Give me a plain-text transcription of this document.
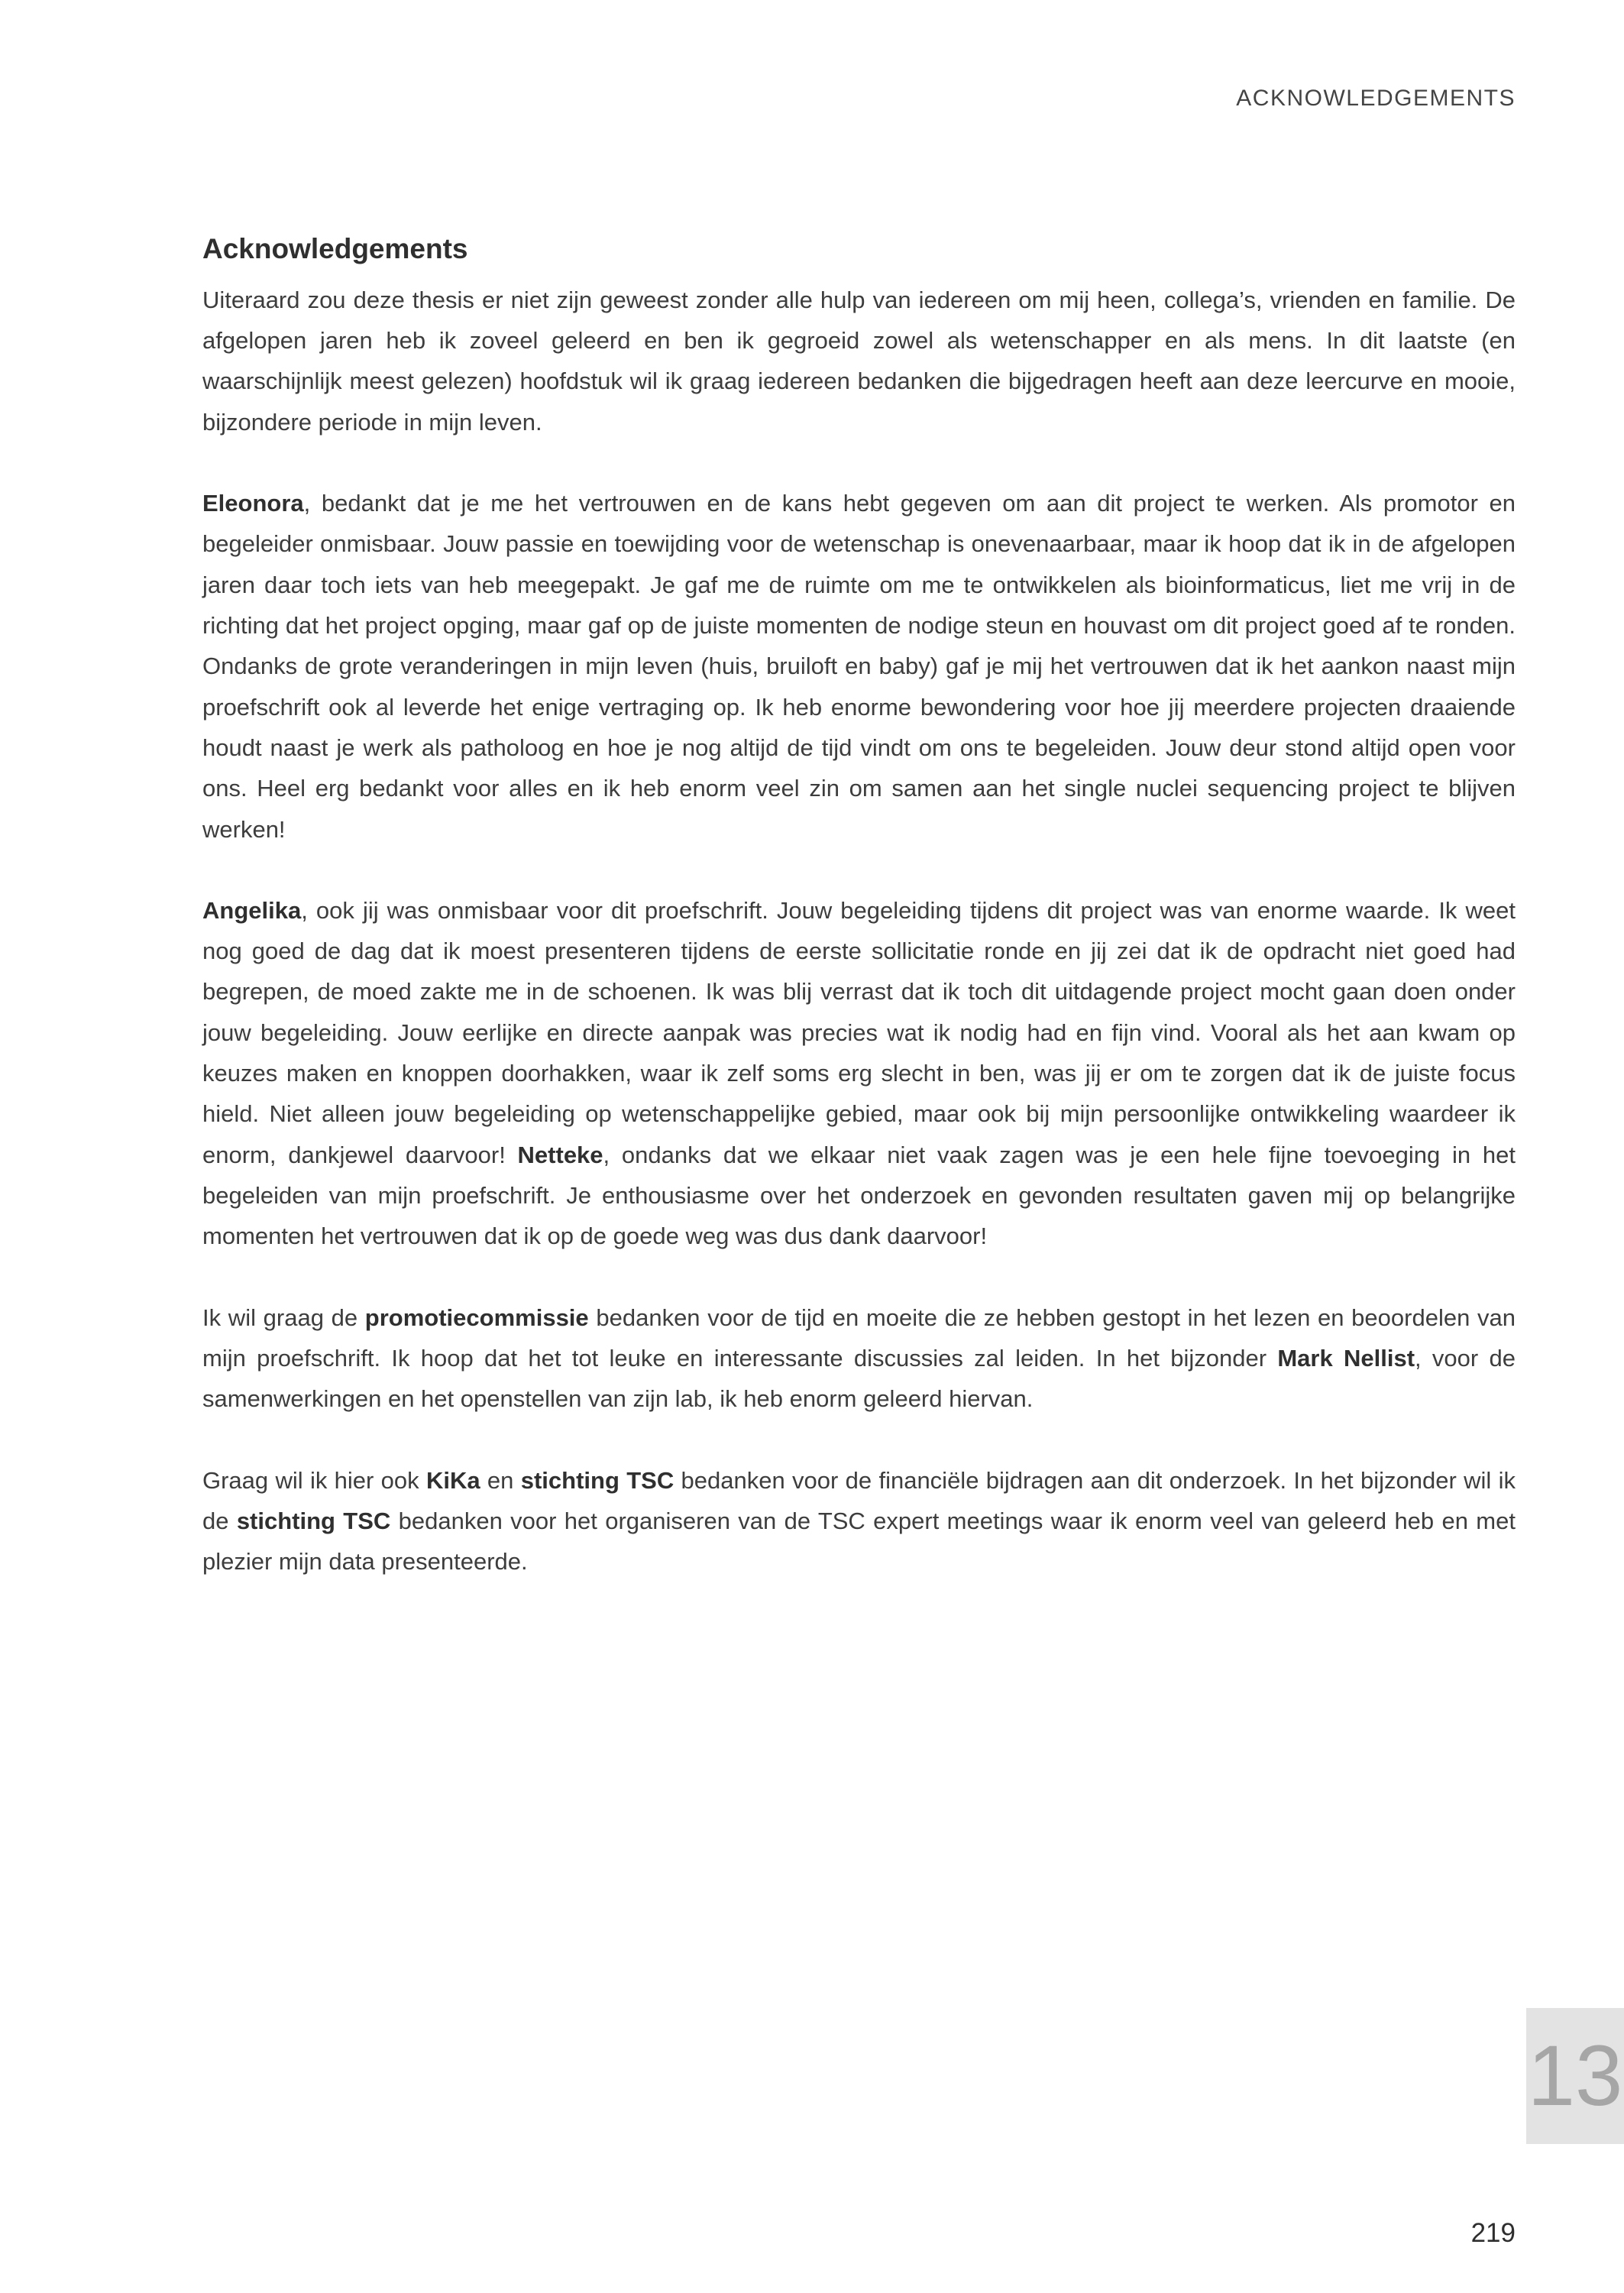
ACKNOWLEDGEMENTS
Acknowledgements

Uiteraard zou deze thesis er niet zijn geweest zonder alle hulp van iedereen om mij heen, collega’s, vrienden en familie. De afgelopen jaren heb ik zoveel geleerd en ben ik gegroeid zowel als wetenschapper en als mens. In dit laatste (en waarschijnlijk meest gelezen) hoofdstuk wil ik graag iedereen bedanken die bijgedragen heeft aan deze leercurve en mooie, bijzondere periode in mijn leven.

Eleonora, bedankt dat je me het vertrouwen en de kans hebt gegeven om aan dit project te werken. Als promotor en begeleider onmisbaar. Jouw passie en toewijding voor de wetenschap is onevenaarbaar, maar ik hoop dat ik in de afgelopen jaren daar toch iets van heb meegepakt. Je gaf me de ruimte om me te ontwikkelen als bioinformaticus, liet me vrij in de richting dat het project opging, maar gaf op de juiste momenten de nodige steun en houvast om dit project goed af te ronden. Ondanks de grote veranderingen in mijn leven (huis, bruiloft en baby) gaf je mij het vertrouwen dat ik het aankon naast mijn proefschrift ook al leverde het enige vertraging op. Ik heb enorme bewondering voor hoe jij meerdere projecten draaiende houdt naast je werk als patholoog en hoe je nog altijd de tijd vindt om ons te begeleiden. Jouw deur stond altijd open voor ons. Heel erg bedankt voor alles en ik heb enorm veel zin om samen aan het single nuclei sequencing project te blijven werken!

Angelika, ook jij was onmisbaar voor dit proefschrift. Jouw begeleiding tijdens dit project was van enorme waarde. Ik weet nog goed de dag dat ik moest presenteren tijdens de eerste sollicitatie ronde en jij zei dat ik de opdracht niet goed had begrepen, de moed zakte me in de schoenen. Ik was blij verrast dat ik toch dit uitdagende project mocht gaan doen onder jouw begeleiding. Jouw eerlijke en directe aanpak was precies wat ik nodig had en fijn vind. Vooral als het aan kwam op keuzes maken en knoppen doorhakken, waar ik zelf soms erg slecht in ben, was jij er om te zorgen dat ik de juiste focus hield. Niet alleen jouw begeleiding op wetenschappelijke gebied, maar ook bij mijn persoonlijke ontwikkeling waardeer ik enorm, dankjewel daarvoor! Netteke, ondanks dat we elkaar niet vaak zagen was je een hele fijne toevoeging in het begeleiden van mijn proefschrift. Je enthousiasme over het onderzoek en gevonden resultaten gaven mij op belangrijke momenten het vertrouwen dat ik op de goede weg was dus dank daarvoor!

Ik wil graag de promotiecommissie bedanken voor de tijd en moeite die ze hebben gestopt in het lezen en beoordelen van mijn proefschrift. Ik hoop dat het tot leuke en interessante discussies zal leiden. In het bijzonder Mark Nellist, voor de samenwerkingen en het openstellen van zijn lab, ik heb enorm geleerd hiervan.

Graag wil ik hier ook KiKa en stichting TSC bedanken voor de financiële bijdragen aan dit onderzoek. In het bijzonder wil ik de stichting TSC bedanken voor het organiseren van de TSC expert meetings waar ik enorm veel van geleerd heb en met plezier mijn data presenteerde.

13
219
